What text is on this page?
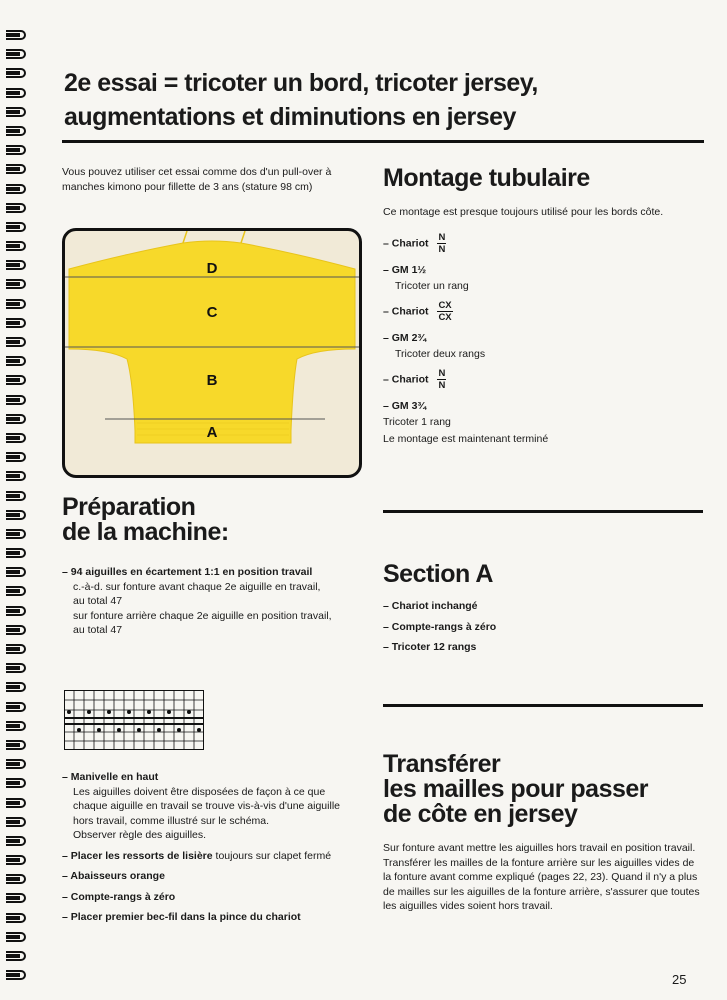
2e essai = tricoter un bord, tricoter jersey,
augmentations et diminutions en jersey
Vous pouvez utiliser cet essai comme dos d'un pull-over à manches kimono pour fillette de 3 ans (stature 98 cm)
D
C
B
A
Préparation
de la machine:
– 94 aiguilles en écartement 1:1 en position travail
c.-à-d. sur fonture avant chaque 2e aiguille en travail,
au total 47
sur fonture arrière chaque 2e aiguille en position travail,
au total 47
– Manivelle en haut
Les aiguilles doivent être disposées de façon à ce que chaque aiguille en travail se trouve vis-à-vis d'une aiguille hors travail, comme illustré sur le schéma.
Observer règle des aiguilles.
– Placer les ressorts de lisière toujours sur clapet fermé
– Abaisseurs orange
– Compte-rangs à zéro
– Placer premier bec-fil dans la pince du chariot
Montage tubulaire
Ce montage est presque toujours utilisé pour les bords côte.
– Chariot $\frac{N}{N}$
– GM 1½
Tricoter un rang
– Chariot $\frac{CX}{CX}$
– GM 2¾
Tricoter deux rangs
– Chariot $\frac{N}{N}$
– GM 3¾
Tricoter 1 rang
Le montage est maintenant terminé
Section A
– Chariot inchangé
– Compte-rangs à zéro
– Tricoter 12 rangs
Transférer
les mailles pour passer
de côte en jersey
Sur fonture avant mettre les aiguilles hors travail en position travail. Transférer les mailles de la fonture arrière sur les aiguilles vides de la fonture avant comme expliqué (pages 22, 23). Quand il n'y a plus de mailles sur les aiguilles de la fonture arrière, s'assurer que toutes les aiguilles vides soient hors travail.
25
